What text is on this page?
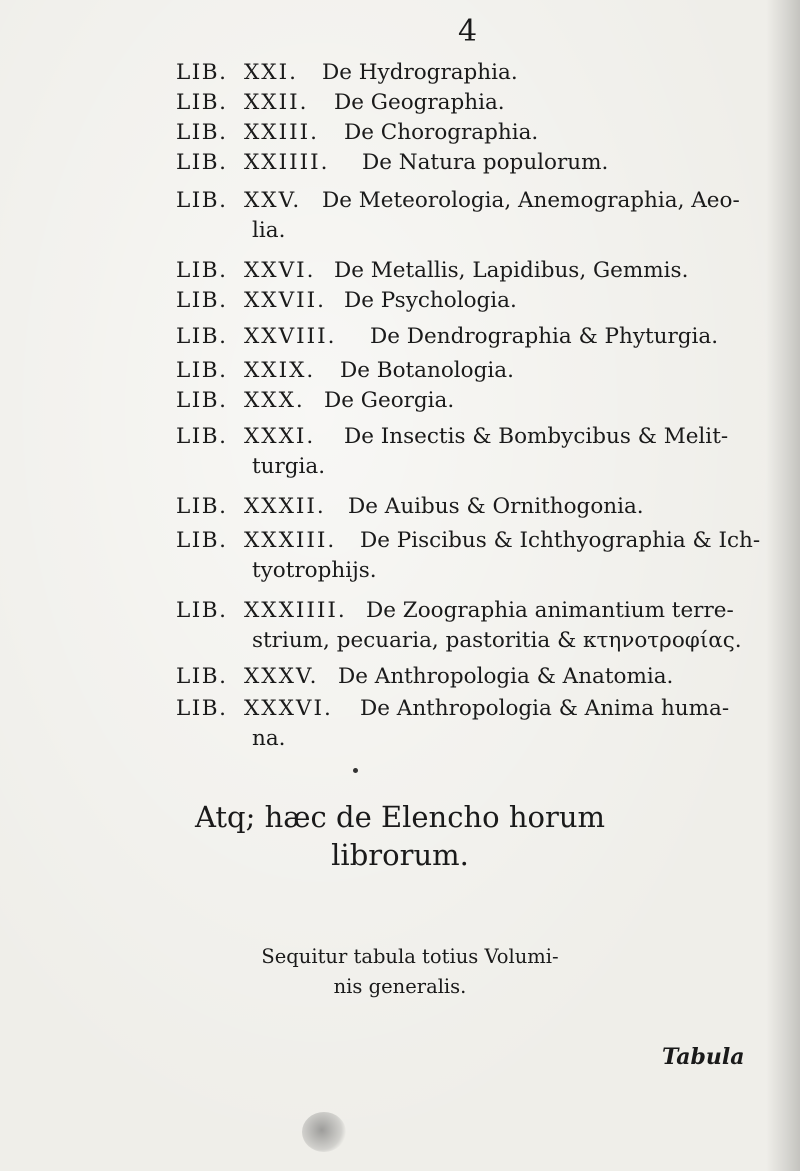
4
LIB. XXI. De Hydrographia.
LIB. XXII. De Geographia.
LIB. XXIII. De Chorographia.
LIB. XXIIII. De Natura populorum.
LIB. XXV. De Meteorologia, Anemographia, Aeo-
lia.
LIB. XXVI. De Metallis, Lapidibus, Gemmis.
LIB. XXVII. De Psychologia.
LIB. XXVIII. De Dendrographia & Phyturgia.
LIB. XXIX. De Botanologia.
LIB. XXX. De Georgia.
LIB. XXXI. De Insectis & Bombycibus & Melit-
turgia.
LIB. XXXII. De Auibus & Ornithogonia.
LIB. XXXIII. De Piscibus & Ichthyographia & Ich-
tyotrophijs.
LIB. XXXIIII. De Zoographia animantium terre-
strium, pecuaria, pastoritia & κτηνοτροφίας.
LIB. XXXV. De Anthropologia & Anatomia.
LIB. XXXVI. De Anthropologia & Anima huma-
na.
Atq; hæc de Elencho horum
librorum.
Sequitur tabula totius Volumi-
nis generalis.
Tabula
